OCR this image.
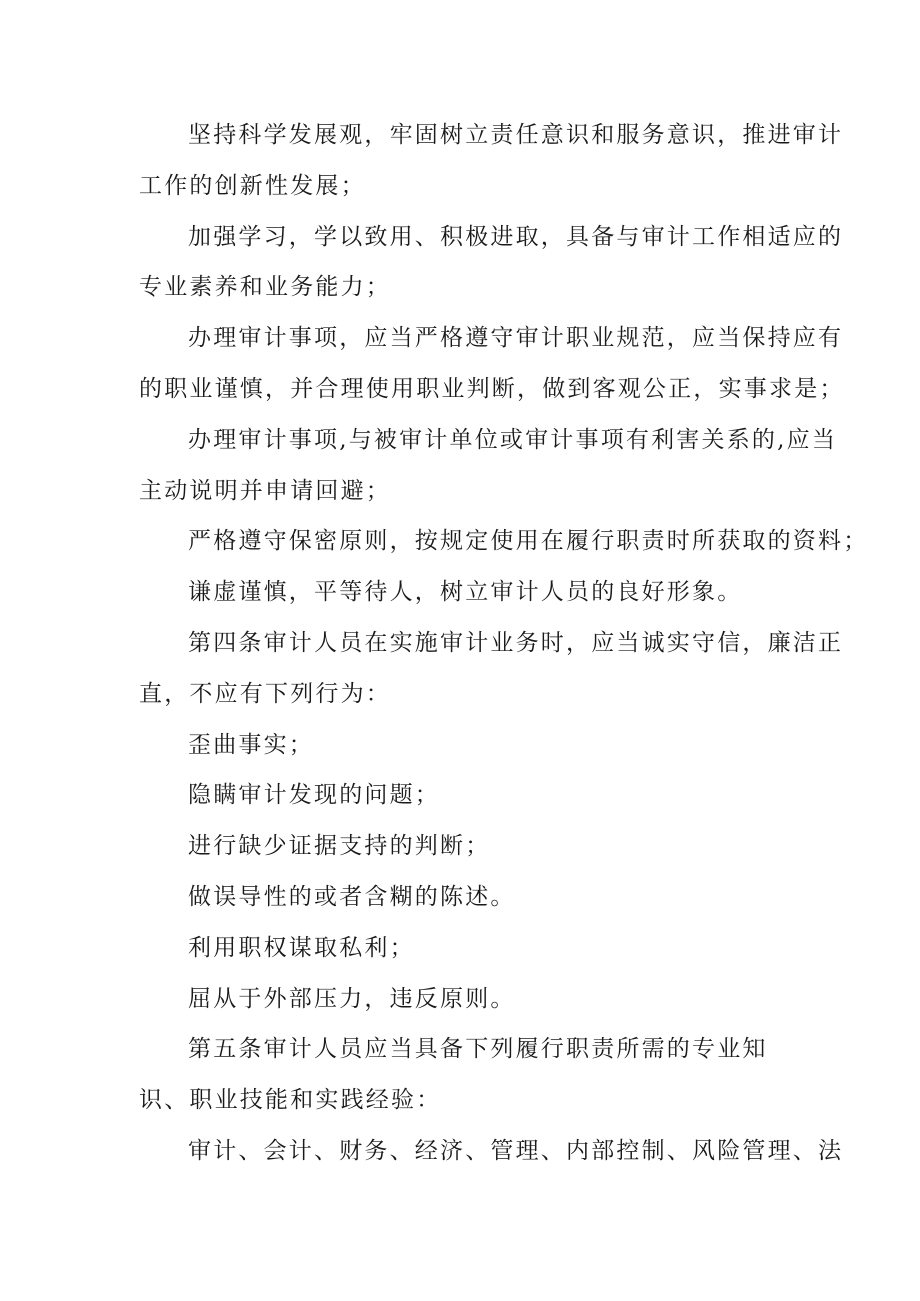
坚持科学发展观，牢固树立责任意识和服务意识，推进审计
工作的创新性发展；
加强学习，学以致用、积极进取，具备与审计工作相适应的
专业素养和业务能力；
办理审计事项，应当严格遵守审计职业规范，应当保持应有
的职业谨慎，并合理使用职业判断，做到客观公正，实事求是；
办理审计事项,与被审计单位或审计事项有利害关系的,应当
主动说明并申请回避；
严格遵守保密原则，按规定使用在履行职责时所获取的资料；
谦虚谨慎，平等待人，树立审计人员的良好形象。
第四条审计人员在实施审计业务时，应当诚实守信，廉洁正
直，不应有下列行为：
歪曲事实；
隐瞒审计发现的问题；
进行缺少证据支持的判断；
做误导性的或者含糊的陈述。
利用职权谋取私利；
屈从于外部压力，违反原则。
第五条审计人员应当具备下列履行职责所需的专业知
识、职业技能和实践经验：
审计、会计、财务、经济、管理、内部控制、风险管理、法
